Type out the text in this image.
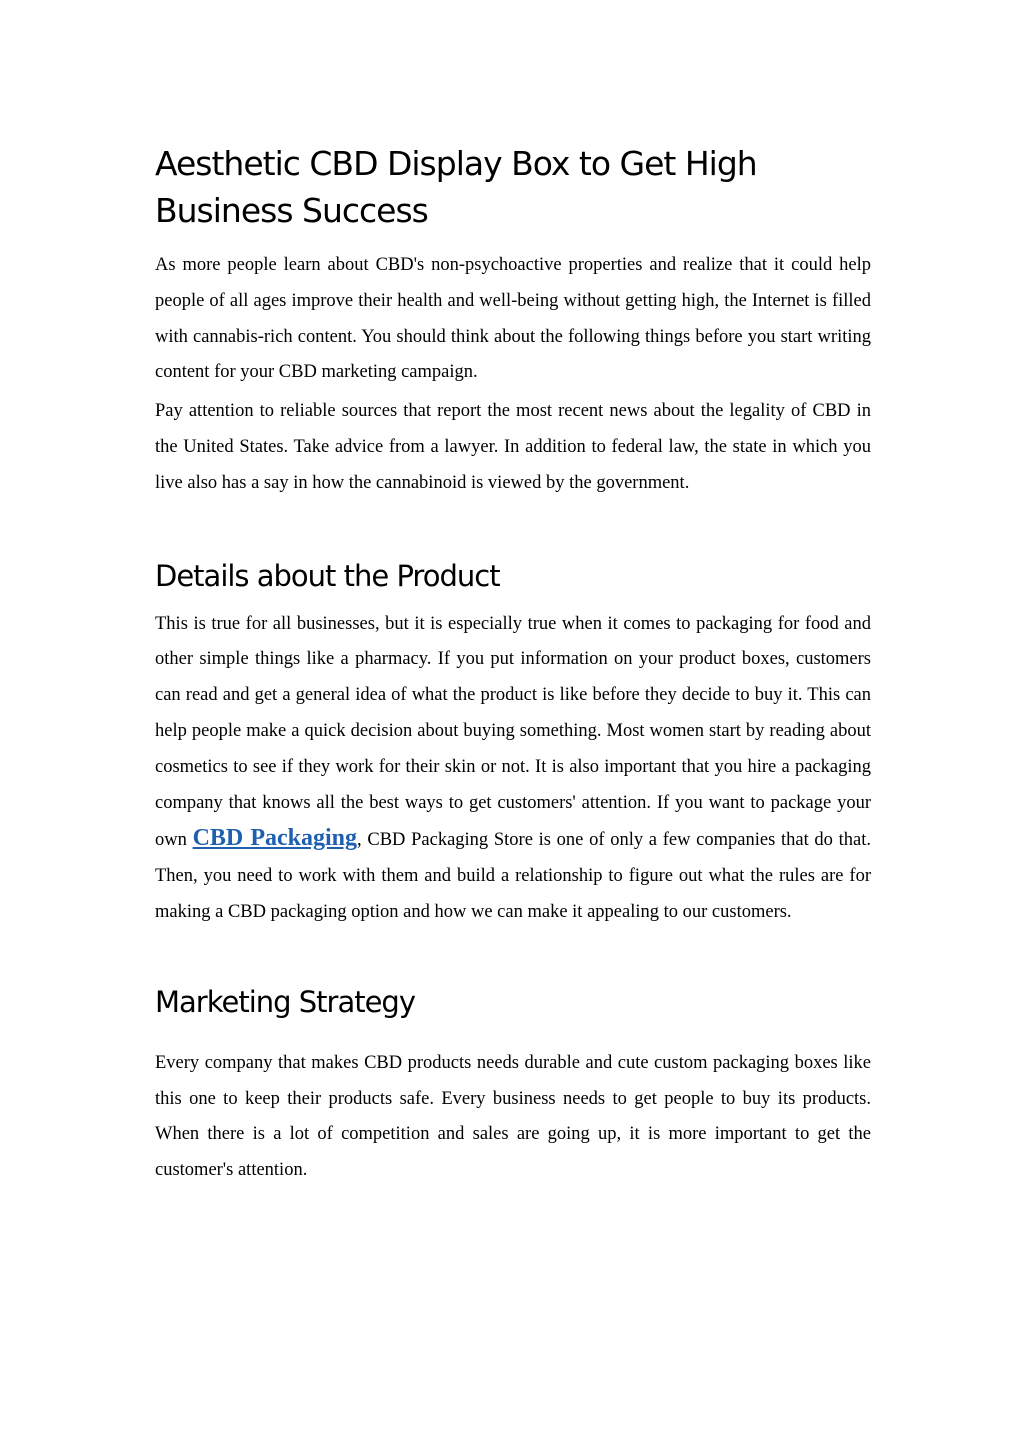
Aesthetic CBD Display Box to Get High Business Success

As more people learn about CBD's non-psychoactive properties and realize that it could help people of all ages improve their health and well-being without getting high, the Internet is filled with cannabis-rich content. You should think about the following things before you start writing content for your CBD marketing campaign.

Pay attention to reliable sources that report the most recent news about the legality of CBD in the United States. Take advice from a lawyer. In addition to federal law, the state in which you live also has a say in how the cannabinoid is viewed by the government.

Details about the Product

This is true for all businesses, but it is especially true when it comes to packaging for food and other simple things like a pharmacy. If you put information on your product boxes, customers can read and get a general idea of what the product is like before they decide to buy it. This can help people make a quick decision about buying something. Most women start by reading about cosmetics to see if they work for their skin or not. It is also important that you hire a packaging company that knows all the best ways to get customers' attention. If you want to package your own CBD Packaging, CBD Packaging Store is one of only a few companies that do that. Then, you need to work with them and build a relationship to figure out what the rules are for making a CBD packaging option and how we can make it appealing to our customers.

Marketing Strategy

Every company that makes CBD products needs durable and cute custom packaging boxes like this one to keep their products safe. Every business needs to get people to buy its products. When there is a lot of competition and sales are going up, it is more important to get the customer's attention.
